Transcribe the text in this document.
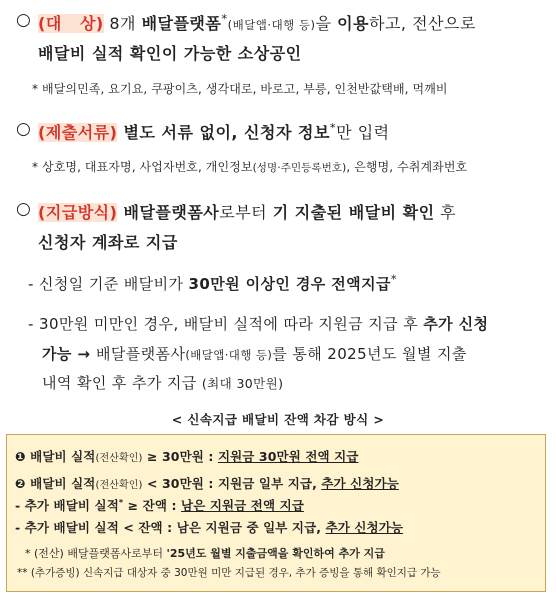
○ (대   상) 8개 배달플랫폼*(배달앱·대행 등)을 이용하고, 전산으로
배달비 실적 확인이 가능한 소상공인
* 배달의민족, 요기요, 쿠팡이츠, 생각대로, 바로고, 부릉, 인천반값택배, 먹깨비
○ (제출서류) 별도 서류 없이, 신청자 정보*만 입력
* 상호명, 대표자명, 사업자번호, 개인정보(성명·주민등록번호), 은행명, 수취계좌번호
○ (지급방식) 배달플랫폼사로부터 기 지출된 배달비 확인 후
신청자 계좌로 지급
- 신청일 기준 배달비가 30만원 이상인 경우 전액지급*
- 30만원 미만인 경우, 배달비 실적에 따라 지원금 지급 후 추가 신청
가능 → 배달플랫폼사(배달앱·대행 등)를 통해 2025년도 월별 지출
내역 확인 후 추가 지급 (최대 30만원)
< 신속지급 배달비 잔액 차감 방식 >
❶ 배달비 실적(전산확인) ≥ 30만원 : 지원금 30만원 전액 지급
❷ 배달비 실적(전산확인) < 30만원 : 지원금 일부 지급, 추가 신청가능
- 추가 배달비 실적* ≥ 잔액 : 남은 지원금 전액 지급
- 추가 배달비 실적 < 잔액 : 남은 지원금 중 일부 지급, 추가 신청가능
* (전산) 배달플랫폼사로부터 '25년도 월별 지출금액을 확인하여 추가 지급
** (추가증빙) 신속지급 대상자 중 30만원 미만 지급된 경우, 추가 증빙을 통해 확인지급 가능
